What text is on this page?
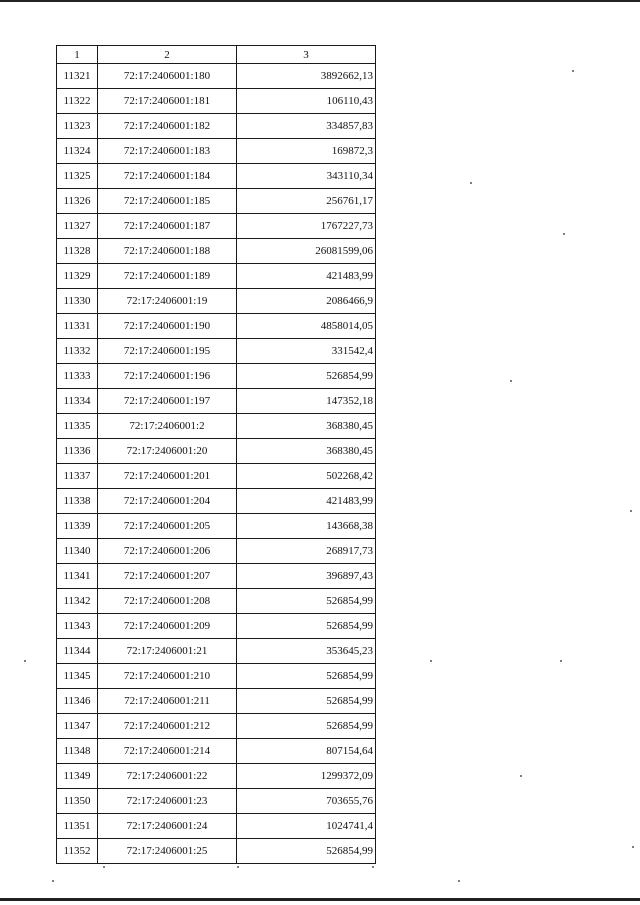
1	2	3
11321	72:17:2406001:180	3892662,13
11322	72:17:2406001:181	106110,43
11323	72:17:2406001:182	334857,83
11324	72:17:2406001:183	169872,3
11325	72:17:2406001:184	343110,34
11326	72:17:2406001:185	256761,17
11327	72:17:2406001:187	1767227,73
11328	72:17:2406001:188	26081599,06
11329	72:17:2406001:189	421483,99
11330	72:17:2406001:19	2086466,9
11331	72:17:2406001:190	4858014,05
11332	72:17:2406001:195	331542,4
11333	72:17:2406001:196	526854,99
11334	72:17:2406001:197	147352,18
11335	72:17:2406001:2	368380,45
11336	72:17:2406001:20	368380,45
11337	72:17:2406001:201	502268,42
11338	72:17:2406001:204	421483,99
11339	72:17:2406001:205	143668,38
11340	72:17:2406001:206	268917,73
11341	72:17:2406001:207	396897,43
11342	72:17:2406001:208	526854,99
11343	72:17:2406001:209	526854,99
11344	72:17:2406001:21	353645,23
11345	72:17:2406001:210	526854,99
11346	72:17:2406001:211	526854,99
11347	72:17:2406001:212	526854,99
11348	72:17:2406001:214	807154,64
11349	72:17:2406001:22	1299372,09
11350	72:17:2406001:23	703655,76
11351	72:17:2406001:24	1024741,4
11352	72:17:2406001:25	526854,99
